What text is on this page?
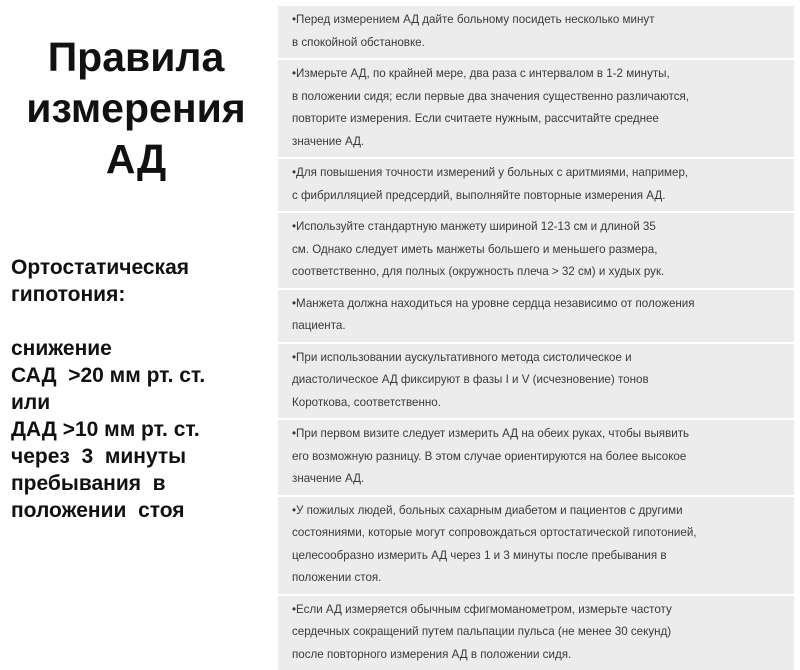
Правила
измерения
АД
Ортостатическая
гипотония:
снижение
САД  >20 мм рт. ст.
или
ДАД >10 мм рт. ст.
через  3  минуты
пребывания  в
положении  стоя
•Перед измерением АД дайте больному посидеть несколько минут
в спокойной обстановке.
•Измерьте АД, по крайней мере, два раза с интервалом в 1-2 минуты,
в положении сидя; если первые два значения существенно различаются,
повторите измерения. Если считаете нужным, рассчитайте среднее
значение АД.
•Для повышения точности измерений у больных с аритмиями, например,
с фибрилляцией предсердий, выполняйте повторные измерения АД.
•Используйте стандартную манжету шириной 12-13 см и длиной 35
см. Однако следует иметь манжеты большего и меньшего размера,
соответственно, для полных (окружность плеча > 32 см) и худых рук.
•Манжета должна находиться на уровне сердца независимо от положения
пациента.
•При использовании аускультативного метода систолическое и
диастолическое АД фиксируют в фазы I и V (исчезновение) тонов
Короткова, соответственно.
•При первом визите следует измерить АД на обеих руках, чтобы выявить
его возможную разницу. В этом случае ориентируются на более высокое
значение АД.
•У пожилых людей, больных сахарным диабетом и пациентов с другими
состояниями, которые могут сопровождаться ортостатической гипотонией,
целесообразно измерить АД через 1 и 3 минуты после пребывания в
положении стоя.
•Если АД измеряется обычным сфигмоманометром, измерьте частоту
сердечных сокращений путем пальпации пульса (не менее 30 секунд)
после повторного измерения АД в положении сидя.
